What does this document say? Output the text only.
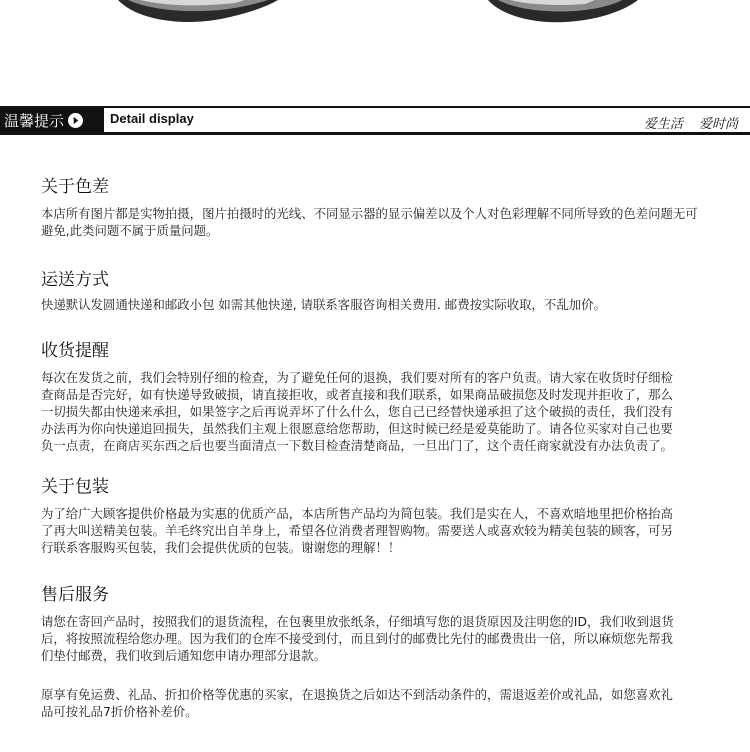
温馨提示	Detail display	爱生活 爱时尚
关于色差
本店所有图片都是实物拍摄，图片拍摄时的光线、不同显示器的显示偏差以及个人对色彩理解不同所导致的色差问题无可
避免,此类问题不属于质量问题。
运送方式
快递默认发圆通快递和邮政小包 如需其他快递, 请联系客服咨询相关费用. 邮费按实际收取，不乱加价。
收货提醒
每次在发货之前，我们会特别仔细的检查，为了避免任何的退换，我们要对所有的客户负责。请大家在收货时仔细检
查商品是否完好，如有快递导致破损，请直接拒收，或者直接和我们联系，如果商品破损您及时发现并拒收了，那么
一切损失都由快递来承担，如果签字之后再说弄坏了什么什么，您自己已经替快递承担了这个破损的责任，我们没有
办法再为你向快递追回损失，虽然我们主观上很愿意给您帮助，但这时候已经是爱莫能助了。请各位买家对自己也要
负一点责，在商店买东西之后也要当面清点一下数目检查清楚商品，一旦出门了，这个责任商家就没有办法负责了。
关于包装
为了给广大顾客提供价格最为实惠的优质产品，本店所售产品均为简包装。我们是实在人，不喜欢暗地里把价格抬高
了再大叫送精美包装。羊毛终究出自羊身上，希望各位消费者理智购物。需要送人或喜欢较为精美包装的顾客，可另
行联系客服购买包装，我们会提供优质的包装。谢谢您的理解！！
售后服务
请您在寄回产品时，按照我们的退货流程，在包裹里放张纸条，仔细填写您的退货原因及注明您的ID，我们收到退货
后，将按照流程给您办理。因为我们的仓库不接受到付，而且到付的邮费比先付的邮费贵出一倍，所以麻烦您先帮我
们垫付邮费，我们收到后通知您申请办理部分退款。
原享有免运费、礼品、折扣价格等优惠的买家，在退换货之后如达不到活动条件的，需退返差价或礼品，如您喜欢礼
品可按礼品7折价格补差价。
